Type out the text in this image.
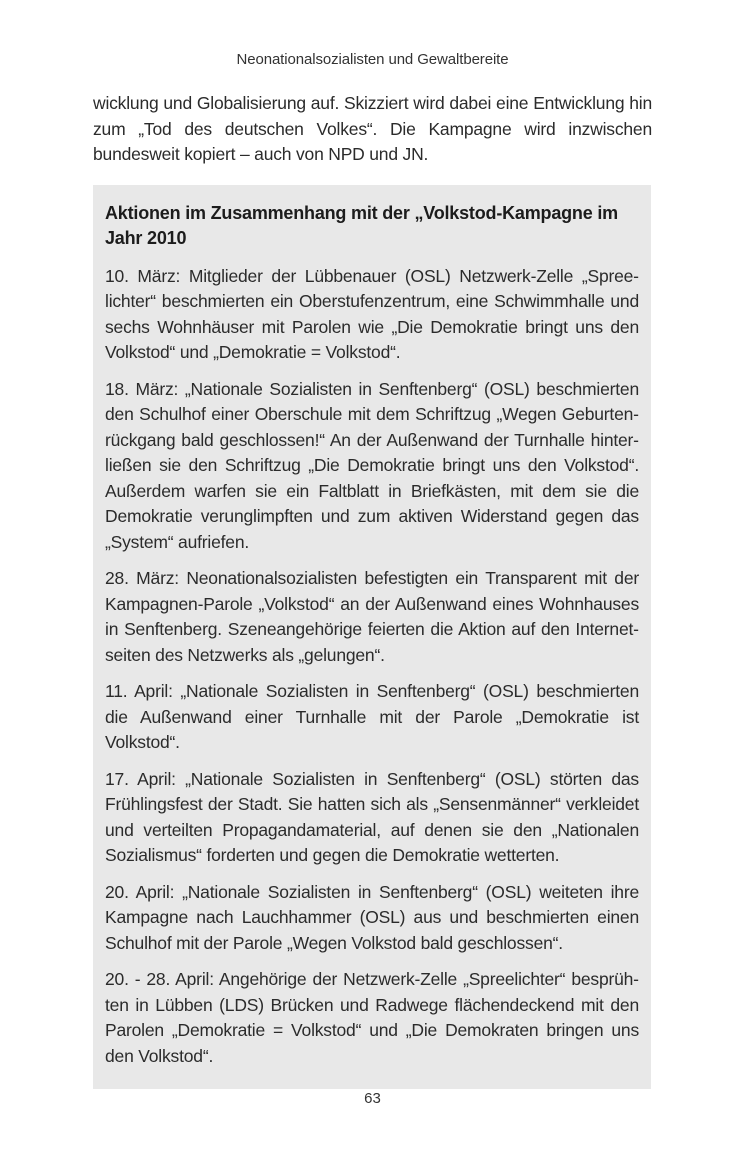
Neonationalsozialisten und Gewaltbereite

wicklung und Globalisierung auf. Skizziert wird dabei eine Entwicklung hin zum „Tod des deutschen Volkes“. Die Kampagne wird inzwischen bundesweit kopiert – auch von NPD und JN.

Aktionen im Zusammenhang mit der „Volkstod-Kampagne im Jahr 2010

10. März: Mitglieder der Lübbenauer (OSL) Netzwerk-Zelle „Spreelichter“ beschmierten ein Oberstufenzentrum, eine Schwimmhalle und sechs Wohnhäuser mit Parolen wie „Die Demokratie bringt uns den Volkstod“ und „Demokratie = Volkstod“.

18. März: „Nationale Sozialisten in Senftenberg“ (OSL) beschmierten den Schulhof einer Oberschule mit dem Schriftzug „Wegen Geburtenrückgang bald geschlossen!“ An der Außenwand der Turnhalle hinterließen sie den Schriftzug „Die Demokratie bringt uns den Volkstod“. Außerdem warfen sie ein Faltblatt in Briefkästen, mit dem sie die Demokratie verunglimpften und zum aktiven Widerstand gegen das „System“ aufriefen.

28. März: Neonationalsozialisten befestigten ein Transparent mit der Kampagnen-Parole „Volkstod“ an der Außenwand eines Wohnhauses in Senftenberg. Szeneangehörige feierten die Aktion auf den Internetseiten des Netzwerks als „gelungen“.

11. April: „Nationale Sozialisten in Senftenberg“ (OSL) beschmierten die Außenwand einer Turnhalle mit der Parole „Demokratie ist Volkstod“.

17. April: „Nationale Sozialisten in Senftenberg“ (OSL) störten das Frühlingsfest der Stadt. Sie hatten sich als „Sensenmänner“ verkleidet und verteilten Propagandamaterial, auf denen sie den „Nationalen Sozialismus“ forderten und gegen die Demokratie wetterten.

20. April: „Nationale Sozialisten in Senftenberg“ (OSL) weiteten ihre Kampagne nach Lauchhammer (OSL) aus und beschmierten einen Schulhof mit der Parole „Wegen Volkstod bald geschlossen“.

20. - 28. April: Angehörige der Netzwerk-Zelle „Spreelichter“ besprühten in Lübben (LDS) Brücken und Radwege flächendeckend mit den Parolen „Demokratie = Volkstod“ und „Die Demokraten bringen uns den Volkstod“.

63
